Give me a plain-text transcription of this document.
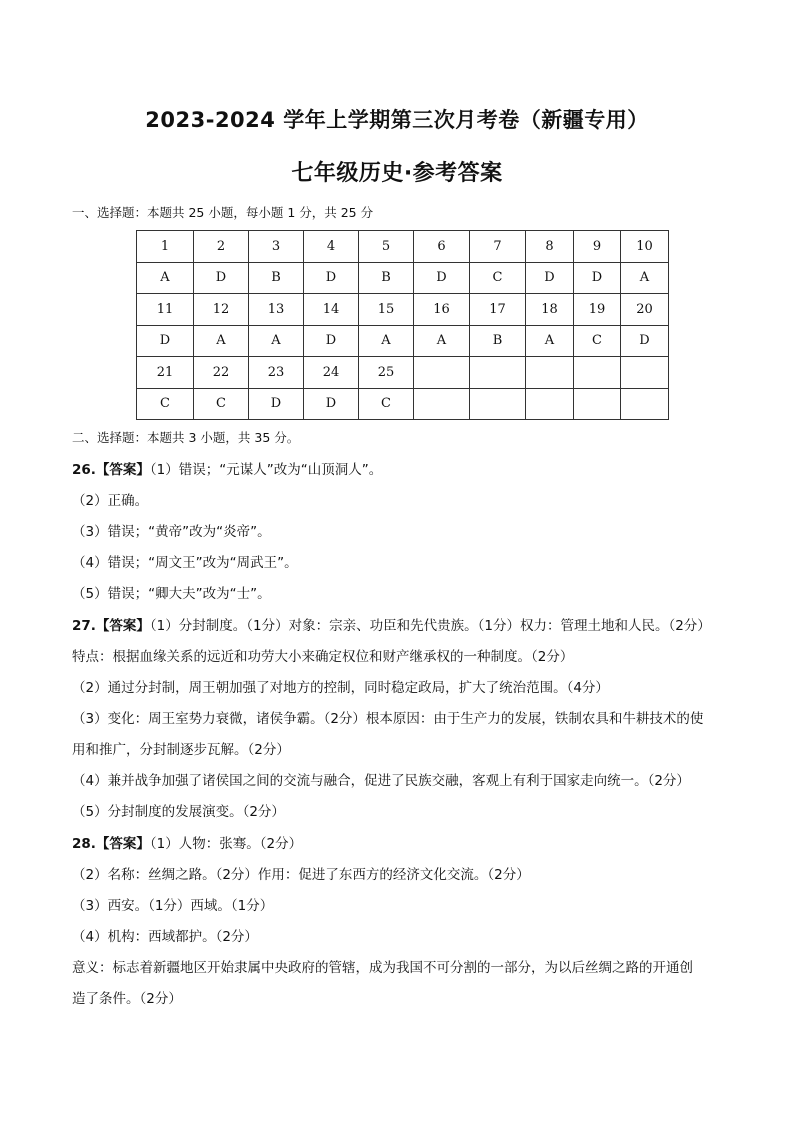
2023-2024 学年上学期第三次月考卷（新疆专用）
七年级历史·参考答案
一、选择题：本题共 25 小题，每小题 1 分，共 25 分
1	2	3	4	5	6	7	8	9	10
A	D	B	D	B	D	C	D	D	A
11	12	13	14	15	16	17	18	19	20
D	A	A	D	A	A	B	A	C	D
21	22	23	24	25					
C	C	D	D	C					
二、选择题：本题共 3 小题，共 35 分。
26.【答案】（1）错误；“元谋人”改为“山顶洞人”。
（2）正确。
（3）错误；“黄帝”改为“炎帝”。
（4）错误；“周文王”改为“周武王”。
（5）错误；“卿大夫”改为“士”。
27.【答案】（1）分封制度。（1分）对象：宗亲、功臣和先代贵族。（1分）权力：管理土地和人民。（2分）
特点：根据血缘关系的远近和功劳大小来确定权位和财产继承权的一种制度。（2分）
（2）通过分封制，周王朝加强了对地方的控制，同时稳定政局，扩大了统治范围。（4分）
（3）变化：周王室势力衰微，诸侯争霸。（2分）根本原因：由于生产力的发展，铁制农具和牛耕技术的使
用和推广，分封制逐步瓦解。（2分）
（4）兼并战争加强了诸侯国之间的交流与融合，促进了民族交融，客观上有利于国家走向统一。（2分）
（5）分封制度的发展演变。（2分）
28.【答案】（1）人物：张骞。（2分）
（2）名称：丝绸之路。（2分）作用：促进了东西方的经济文化交流。（2分）
（3）西安。（1分）西域。（1分）
（4）机构：西域都护。（2分）
意义：标志着新疆地区开始隶属中央政府的管辖，成为我国不可分割的一部分，为以后丝绸之路的开通创
造了条件。（2分）
